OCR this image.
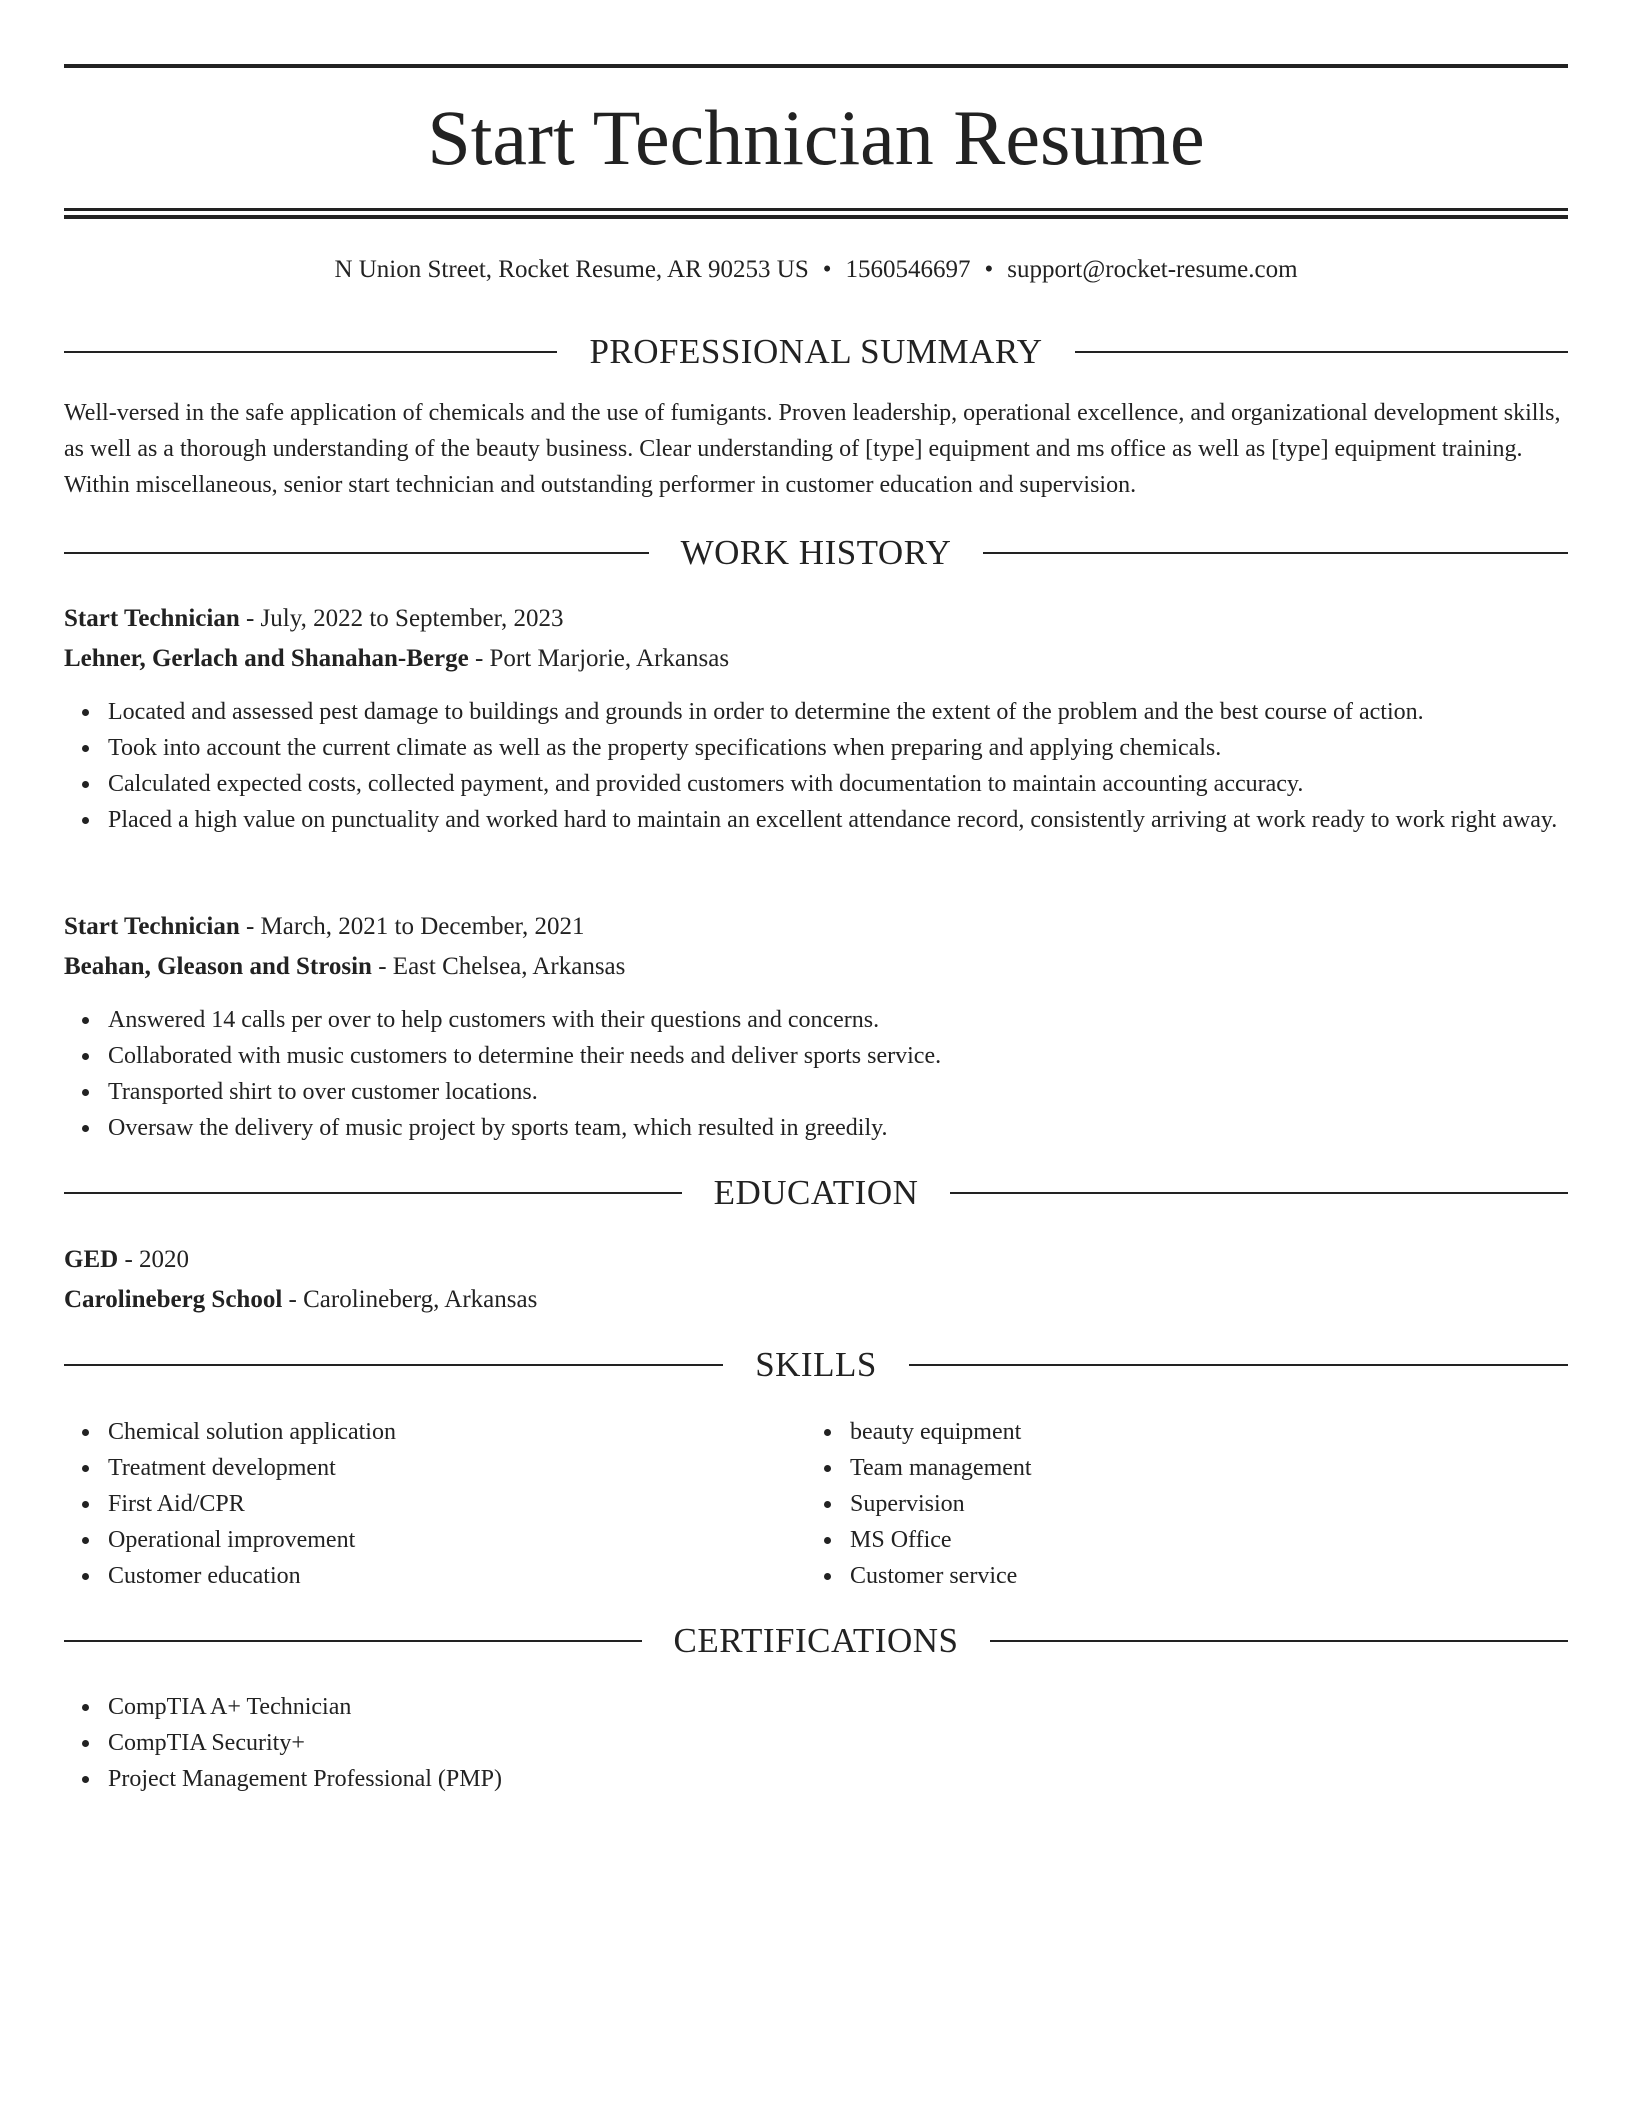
Start Technician Resume
N Union Street, Rocket Resume, AR 90253 US • 1560546697 • support@rocket-resume.com
PROFESSIONAL SUMMARY
Well-versed in the safe application of chemicals and the use of fumigants. Proven leadership, operational excellence, and organizational development skills, as well as a thorough understanding of the beauty business. Clear understanding of [type] equipment and ms office as well as [type] equipment training. Within miscellaneous, senior start technician and outstanding performer in customer education and supervision.
WORK HISTORY
Start Technician - July, 2022 to September, 2023
Lehner, Gerlach and Shanahan-Berge - Port Marjorie, Arkansas
Located and assessed pest damage to buildings and grounds in order to determine the extent of the problem and the best course of action.
Took into account the current climate as well as the property specifications when preparing and applying chemicals.
Calculated expected costs, collected payment, and provided customers with documentation to maintain accounting accuracy.
Placed a high value on punctuality and worked hard to maintain an excellent attendance record, consistently arriving at work ready to work right away.
Start Technician - March, 2021 to December, 2021
Beahan, Gleason and Strosin - East Chelsea, Arkansas
Answered 14 calls per over to help customers with their questions and concerns.
Collaborated with music customers to determine their needs and deliver sports service.
Transported shirt to over customer locations.
Oversaw the delivery of music project by sports team, which resulted in greedily.
EDUCATION
GED - 2020
Carolineberg School - Carolineberg, Arkansas
SKILLS
Chemical solution application
Treatment development
First Aid/CPR
Operational improvement
Customer education
beauty equipment
Team management
Supervision
MS Office
Customer service
CERTIFICATIONS
CompTIA A+ Technician
CompTIA Security+
Project Management Professional (PMP)
